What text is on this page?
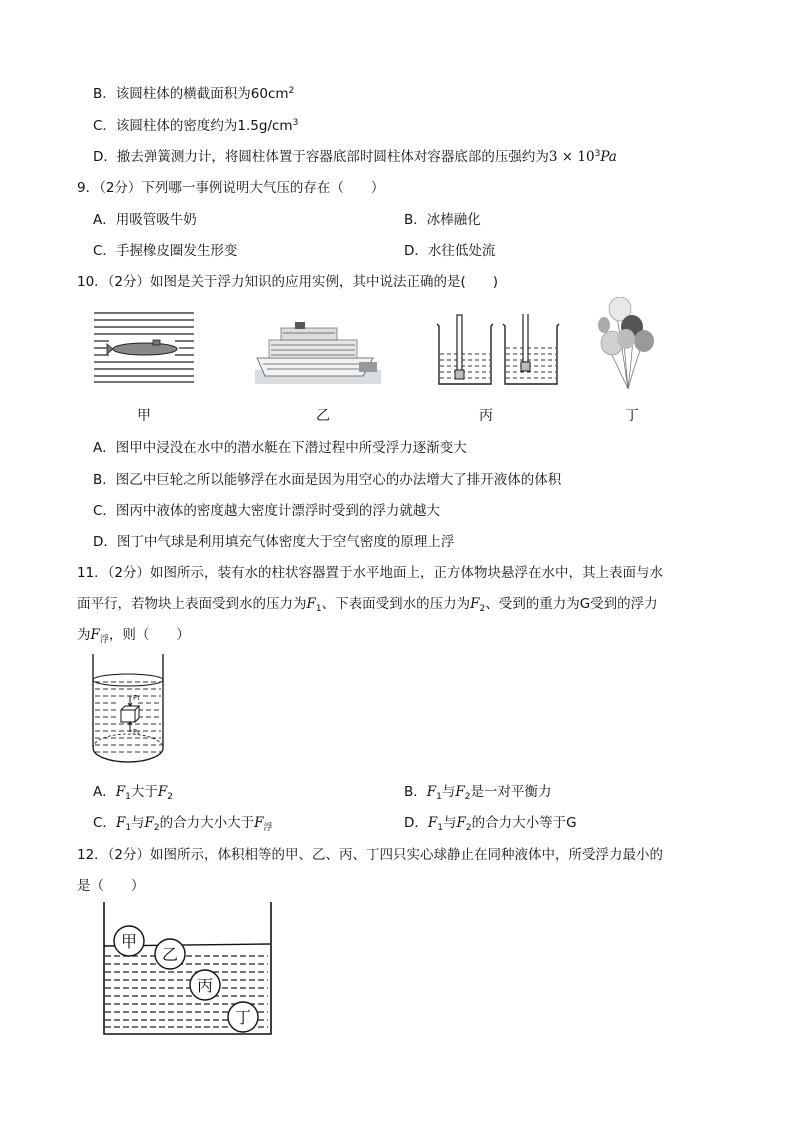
B．该圆柱体的横截面积为$60cm^2$
C．该圆柱体的密度约为$1.5g/cm^3$
D．撤去弹簧测力计，将圆柱体置于容器底部时圆柱体对容器底部的压强约为$3 \times 10^3Pa$
9．（2分）下列哪一事例说明大气压的存在（　　）
A．用吸管吸牛奶	B．冰棒融化
C．手握橡皮圈发生形变	D．水往低处流
10．（2分）如图是关于浮力知识的应用实例，其中说法正确的是(　　)
甲	乙	丙	丁
A．图甲中浸没在水中的潜水艇在下潜过程中所受浮力逐渐变大
B．图乙中巨轮之所以能够浮在水面是因为用空心的办法增大了排开液体的体积
C．图丙中液体的密度越大密度计漂浮时受到的浮力就越大
D．图丁中气球是利用填充气体密度大于空气密度的原理上浮
11．（2分）如图所示，装有水的柱状容器置于水平地面上，正方体物块悬浮在水中，其上表面与水
面平行，若物块上表面受到水的压力为$F_1$、下表面受到水的压力为$F_2$、受到的重力为G受到的浮力
为$F_浮$，则（　　）
F₁
F₂
A．$F_1$大于$F_2$	B．$F_1$与$F_2$是一对平衡力
C．$F_1$与$F_2$的合力大小大于$F_浮$	D．$F_1$与$F_2$的合力大小等于G
12．（2分）如图所示，体积相等的甲、乙、丙、丁四只实心球静止在同种液体中，所受浮力最小的
是（　　）
甲
乙
丙
丁
